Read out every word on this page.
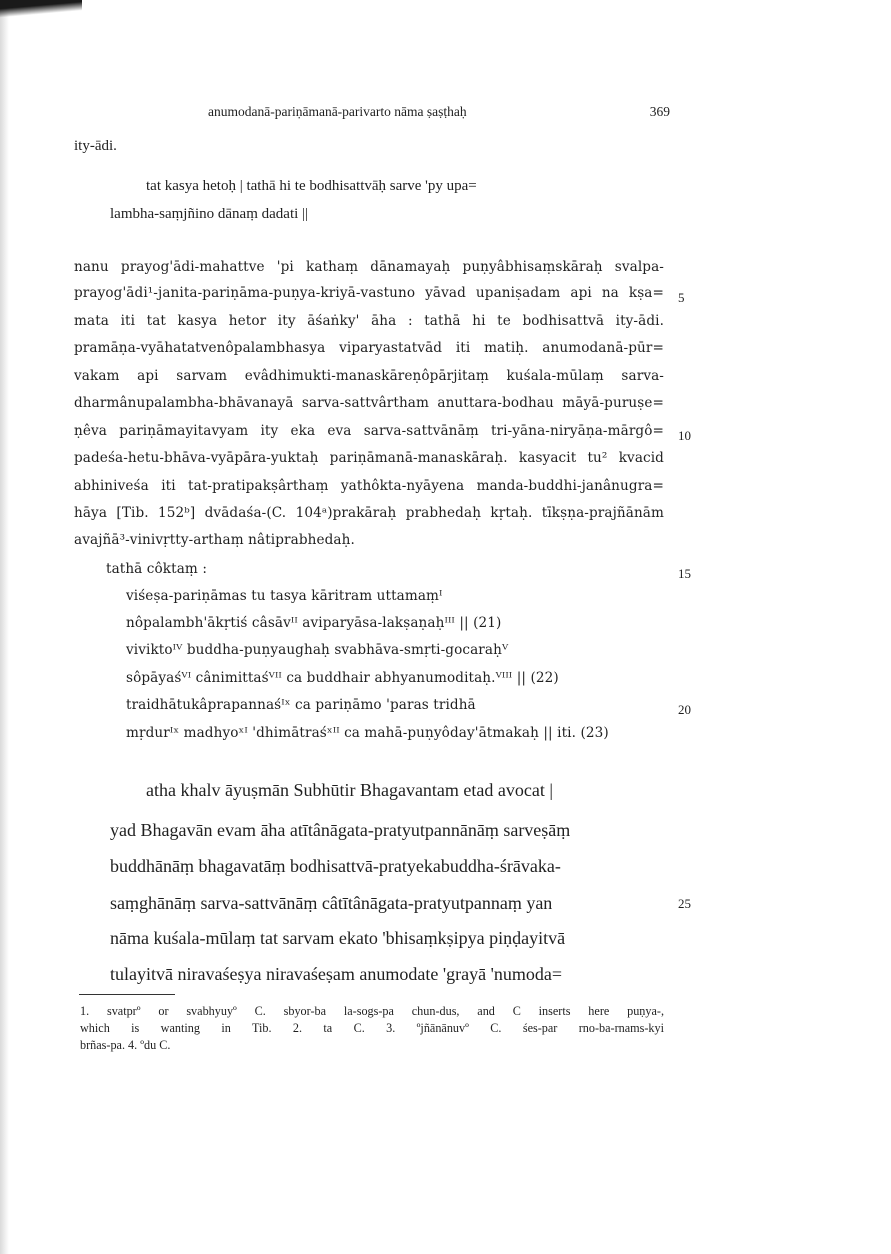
anumodanā-pariṇāmanā-parivarto nāma ṣaṣṭhaḥ	369
ity-ādi.
tat kasya hetoḥ | tathā hi te bodhisattvāḥ sarve 'py upa=
lambha-saṃjñino dānaṃ dadati ||
nanu prayog'ādi-mahattve 'pi kathaṃ dānamayaḥ puṇyâbhisaṃskāraḥ svalpa-
prayog'ādi¹-janita-pariṇāma-puṇya-kriyā-vastuno yāvad upaniṣadam api na kṣa=
mata iti tat kasya hetor ity āśaṅky' āha : tathā hi te bodhisattvā ity-ādi.
pramāṇa-vyāhatatvenôpalambhasya viparyastatvād iti matiḥ. anumodanā-pūr=
vakam api sarvam evâdhimukti-manaskāreṇôpārjitaṃ kuśala-mūlaṃ sarva-
dharmânupalambha-bhāvanayā sarva-sattvârtham anuttara-bodhau māyā-puruṣe=
ṇêva pariṇāmayitavyam ity eka eva sarva-sattvānāṃ tri-yāna-niryāṇa-mārgô=
padeśa-hetu-bhāva-vyāpāra-yuktaḥ pariṇāmanā-manaskāraḥ. kasyacit tu² kvacid
abhiniveśa iti tat-pratipakṣârthaṃ yathôkta-nyāyena manda-buddhi-janânugra=
hāya [Tib. 152ᵇ] dvādaśa-(C. 104ᵃ)prakāraḥ prabhedaḥ kṛtaḥ. tīkṣṇa-prajñānām
avajñā³-vinivṛtty-arthaṃ nâtiprabhedaḥ.
tathā côktaṃ :
viśeṣa-pariṇāmas tu tasya kāritram uttamaṃᴵ
nôpalambh'ākṛtiś câsāvᴵᴵ aviparyāsa-lakṣaṇaḥᴵᴵᴵ || (21)
viviktoᴵⱽ buddha-puṇyaughaḥ svabhāva-smṛti-gocaraḥⱽ
sôpāyaśⱽᴵ cânimittaśⱽᴵᴵ ca buddhair abhyanumoditaḥ.ⱽᴵᴵᴵ || (22)
traidhātukâprapannaśᴵˣ ca pariṇāmo 'paras tridhā
mṛdurᴵˣ madhyoˣᴵ 'dhimātraśˣᴵᴵ ca mahā-puṇyôday'ātmakaḥ || iti. (23)
atha khalv āyuṣmān Subhūtir Bhagavantam etad avocat |
yad Bhagavān evam āha atītânāgata-pratyutpannānāṃ sarveṣāṃ
buddhānāṃ bhagavatāṃ bodhisattvā-pratyekabuddha-śrāvaka-
saṃghānāṃ sarva-sattvānāṃ câtītânāgata-pratyutpannaṃ yan
nāma kuśala-mūlaṃ tat sarvam ekato 'bhisaṃkṣipya piṇḍayitvā
tulayitvā niravaśeṣya niravaśeṣam anumodate 'grayā 'numoda=
5
10
15
20
25
1. svatprº or svabhyuyº C. sbyor-ba la-sogs-pa chun-dus, and C inserts here puṇya-,
which is wanting in Tib. 2. ta C. 3. ºjñānānuvº C. śes-par rno-ba-rnams-kyi
brñas-pa. 4. ºdu C.
